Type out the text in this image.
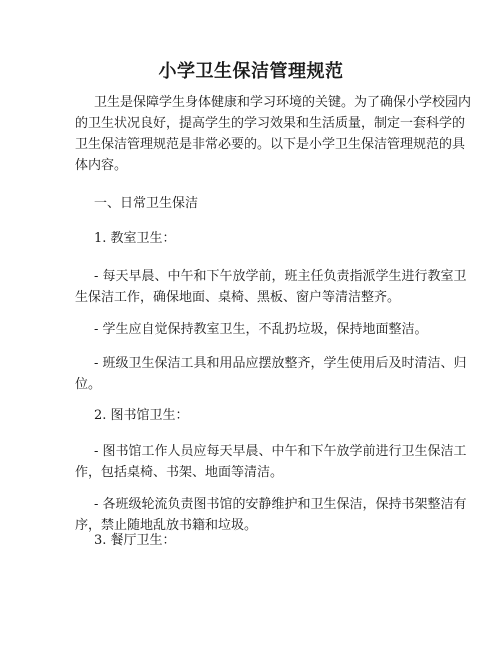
小学卫生保洁管理规范
卫生是保障学生身体健康和学习环境的关键。为了确保小学校园内
的卫生状况良好，提高学生的学习效果和生活质量，制定一套科学的
卫生保洁管理规范是非常必要的。以下是小学卫生保洁管理规范的具
体内容。
一、日常卫生保洁
1. 教室卫生：
- 每天早晨、中午和下午放学前，班主任负责指派学生进行教室卫
生保洁工作，确保地面、桌椅、黑板、窗户等清洁整齐。
- 学生应自觉保持教室卫生，不乱扔垃圾，保持地面整洁。
- 班级卫生保洁工具和用品应摆放整齐，学生使用后及时清洁、归
位。
2. 图书馆卫生：
- 图书馆工作人员应每天早晨、中午和下午放学前进行卫生保洁工
作，包括桌椅、书架、地面等清洁。
- 各班级轮流负责图书馆的安静维护和卫生保洁，保持书架整洁有
序，禁止随地乱放书籍和垃圾。
3. 餐厅卫生：
